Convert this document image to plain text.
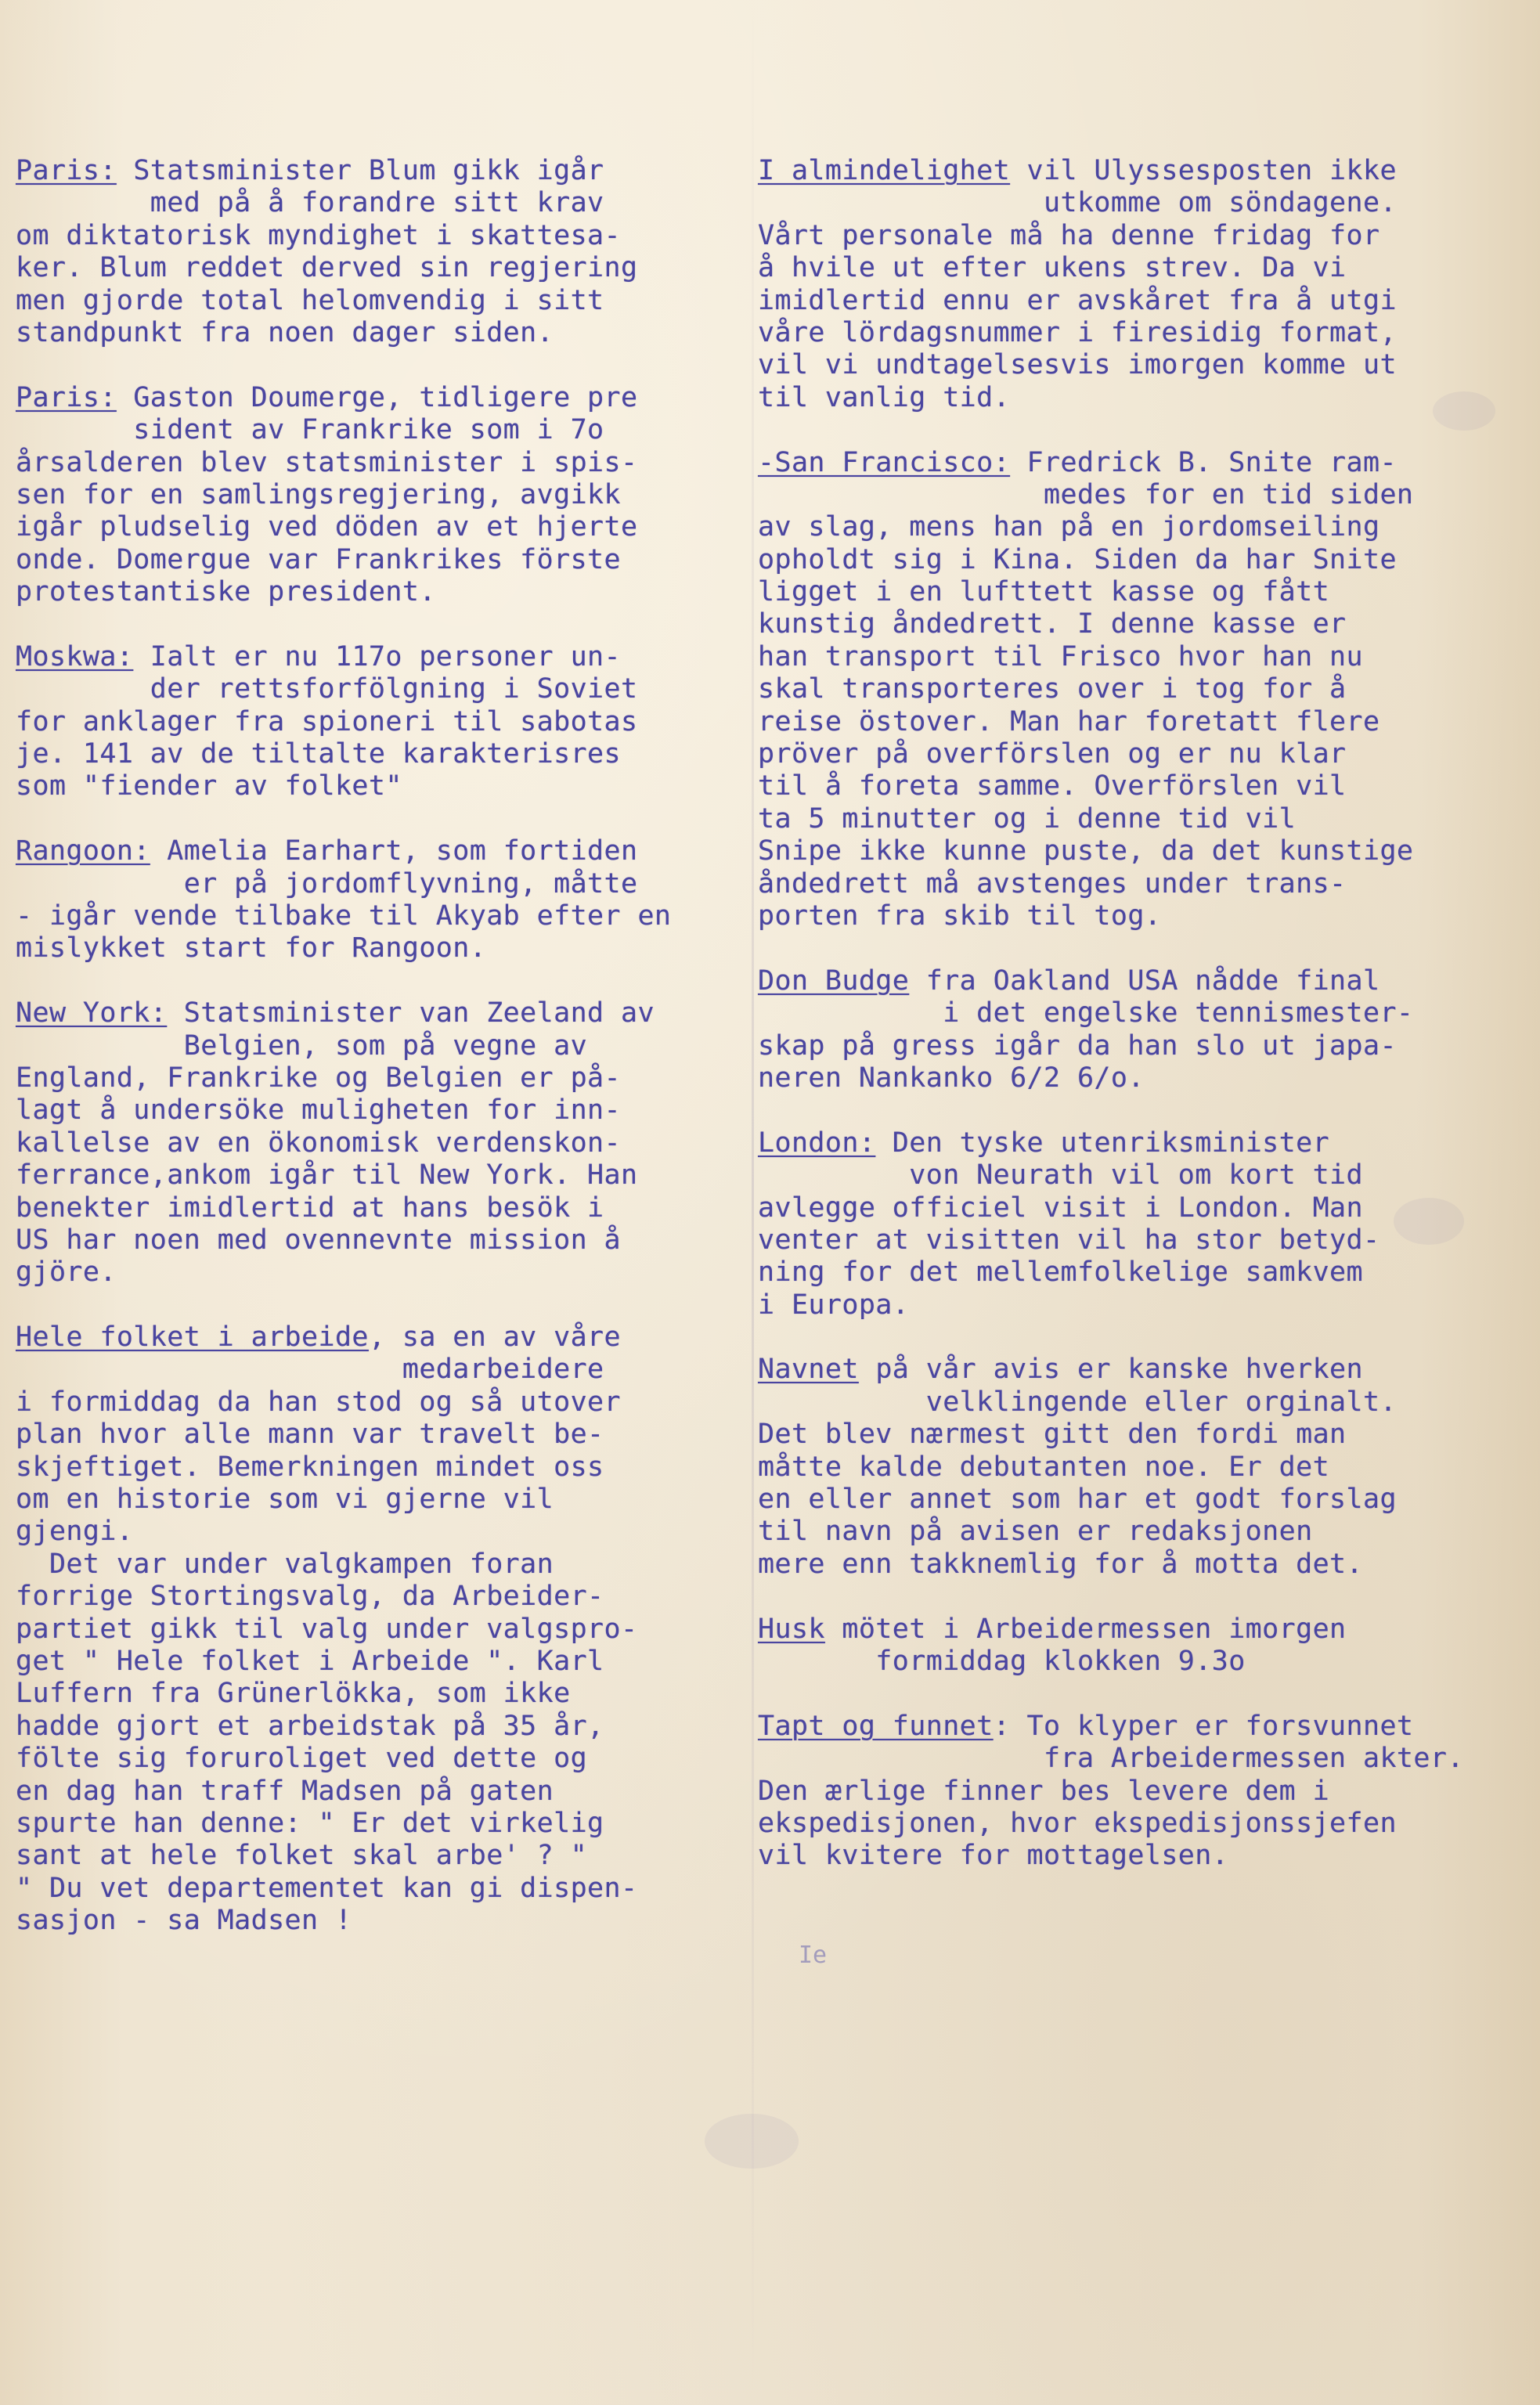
Paris: Statsminister Blum gikk igår
med på å forandre sitt krav
om diktatorisk myndighet i skattesa-
ker. Blum reddet derved sin regjering
men gjorde total helomvendig i sitt
standpunkt fra noen dager siden.
Paris: Gaston Doumerge, tidligere pre
sident av Frankrike som i 7o
årsalderen blev statsminister i spis-
sen for en samlingsregjering, avgikk
igår pludselig ved döden av et hjerte
onde. Domergue var Frankrikes förste
protestantiske president.
Moskwa: Ialt er nu 117o personer un-
der rettsforfölgning i Soviet
for anklager fra spioneri til sabotas
je. 141 av de tiltalte karakterisres
som "fiender av folket"
Rangoon: Amelia Earhart, som fortiden
er på jordomflyvning, måtte
- igår vende tilbake til Akyab efter en
mislykket start for Rangoon.
New York: Statsminister van Zeeland av
Belgien, som på vegne av
England, Frankrike og Belgien er på-
lagt å undersöke muligheten for inn-
kallelse av en ökonomisk verdenskon-
ferrance,ankom igår til New York. Han
benekter imidlertid at hans besök i
US har noen med ovennevnte mission å
gjöre.
Hele folket i arbeide, sa en av våre
medarbeidere
i formiddag da han stod og så utover
plan hvor alle mann var travelt be-
skjeftiget. Bemerkningen mindet oss
om en historie som vi gjerne vil
gjengi.
Det var under valgkampen foran
forrige Stortingsvalg, da Arbeider-
partiet gikk til valg under valgspro-
get " Hele folket i Arbeide ". Karl
Luffern fra Grünerlökka, som ikke
hadde gjort et arbeidstak på 35 år,
fölte sig foruroliget ved dette og
en dag han traff Madsen på gaten
spurte han denne: " Er det virkelig
sant at hele folket skal arbe' ? "
" Du vet departementet kan gi dispen-
sasjon - sa Madsen !
I almindelighet vil Ulyssesposten ikke
utkomme om söndagene.
Vårt personale må ha denne fridag for
å hvile ut efter ukens strev. Da vi
imidlertid ennu er avskåret fra å utgi
våre lördagsnummer i firesidig format,
vil vi undtagelsesvis imorgen komme ut
til vanlig tid.
-San Francisco: Fredrick B. Snite ram-
medes for en tid siden
av slag, mens han på en jordomseiling
opholdt sig i Kina. Siden da har Snite
ligget i en lufttett kasse og fått
kunstig åndedrett. I denne kasse er
han transport til Frisco hvor han nu
skal transporteres over i tog for å
reise östover. Man har foretatt flere
pröver på overförslen og er nu klar
til å foreta samme. Overförslen vil
ta 5 minutter og i denne tid vil
Snipe ikke kunne puste, da det kunstige
åndedrett må avstenges under trans-
porten fra skib til tog.
Don Budge fra Oakland USA nådde final
i det engelske tennismester-
skap på gress igår da han slo ut japa-
neren Nankanko 6/2 6/o.
London: Den tyske utenriksminister
von Neurath vil om kort tid
avlegge officiel visit i London. Man
venter at visitten vil ha stor betyd-
ning for det mellemfolkelige samkvem
i Europa.
Navnet på vår avis er kanske hverken
velklingende eller orginalt.
Det blev nærmest gitt den fordi man
måtte kalde debutanten noe. Er det
en eller annet som har et godt forslag
til navn på avisen er redaksjonen
mere enn takknemlig for å motta det.
Husk mötet i Arbeidermessen imorgen
formiddag klokken 9.3o
Tapt og funnet: To klyper er forsvunnet
fra Arbeidermessen akter.
Den ærlige finner bes levere dem i
ekspedisjonen, hvor ekspedisjonssjefen
vil kvitere for mottagelsen.
Ie
